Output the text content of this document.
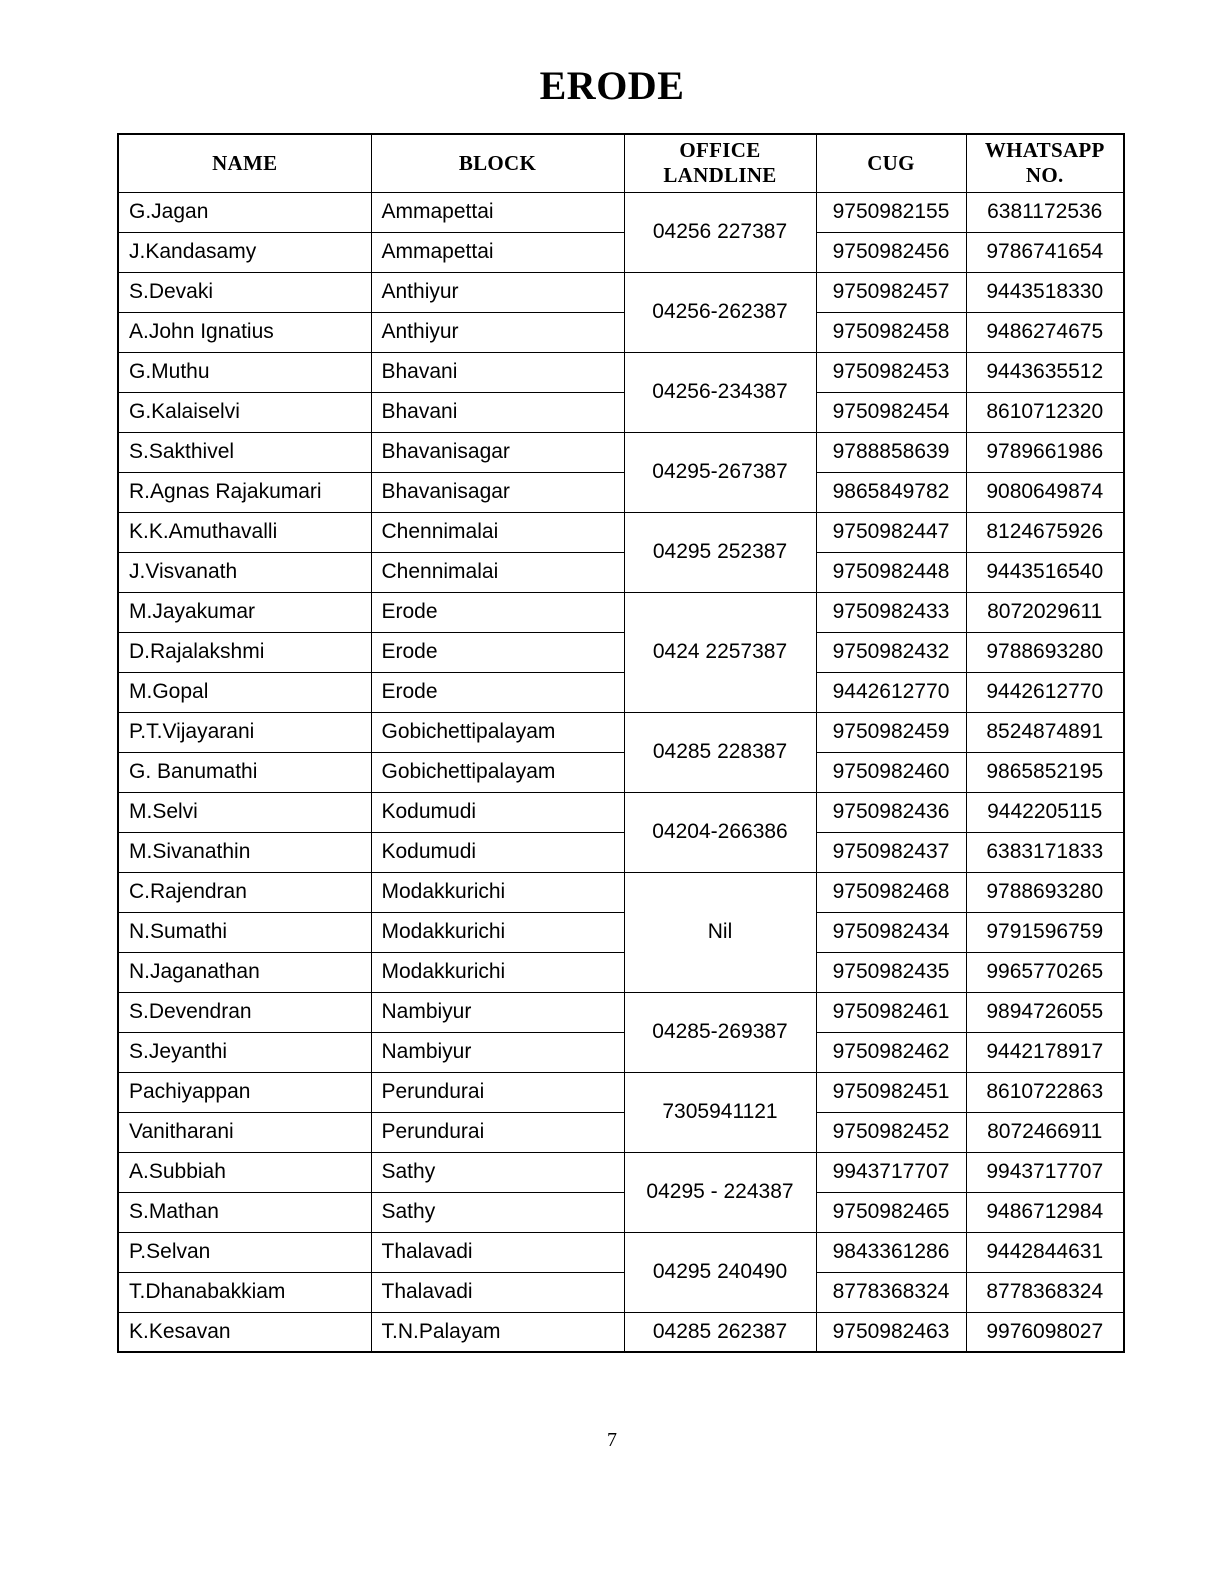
ERODE
NAME	BLOCK	OFFICE LANDLINE	CUG	WHATSAPP NO.
G.Jagan	Ammapettai	04256 227387	9750982155	6381172536
J.Kandasamy	Ammapettai		9750982456	9786741654
S.Devaki	Anthiyur	04256-262387	9750982457	9443518330
A.John Ignatius	Anthiyur		9750982458	9486274675
G.Muthu	Bhavani	04256-234387	9750982453	9443635512
G.Kalaiselvi	Bhavani		9750982454	8610712320
S.Sakthivel	Bhavanisagar	04295-267387	9788858639	9789661986
R.Agnas Rajakumari	Bhavanisagar		9865849782	9080649874
K.K.Amuthavalli	Chennimalai	04295 252387	9750982447	8124675926
J.Visvanath	Chennimalai		9750982448	9443516540
M.Jayakumar	Erode	0424 2257387	9750982433	8072029611
D.Rajalakshmi	Erode		9750982432	9788693280
M.Gopal	Erode		9442612770	9442612770
P.T.Vijayarani	Gobichettipalayam	04285 228387	9750982459	8524874891
G. Banumathi	Gobichettipalayam		9750982460	9865852195
M.Selvi	Kodumudi	04204-266386	9750982436	9442205115
M.Sivanathin	Kodumudi		9750982437	6383171833
C.Rajendran	Modakkurichi	Nil	9750982468	9788693280
N.Sumathi	Modakkurichi		9750982434	9791596759
N.Jaganathan	Modakkurichi		9750982435	9965770265
S.Devendran	Nambiyur	04285-269387	9750982461	9894726055
S.Jeyanthi	Nambiyur		9750982462	9442178917
Pachiyappan	Perundurai	7305941121	9750982451	8610722863
Vanitharani	Perundurai		9750982452	8072466911
A.Subbiah	Sathy	04295 - 224387	9943717707	9943717707
S.Mathan	Sathy		9750982465	9486712984
P.Selvan	Thalavadi	04295 240490	9843361286	9442844631
T.Dhanabakkiam	Thalavadi		8778368324	8778368324
K.Kesavan	T.N.Palayam	04285 262387	9750982463	9976098027
7
